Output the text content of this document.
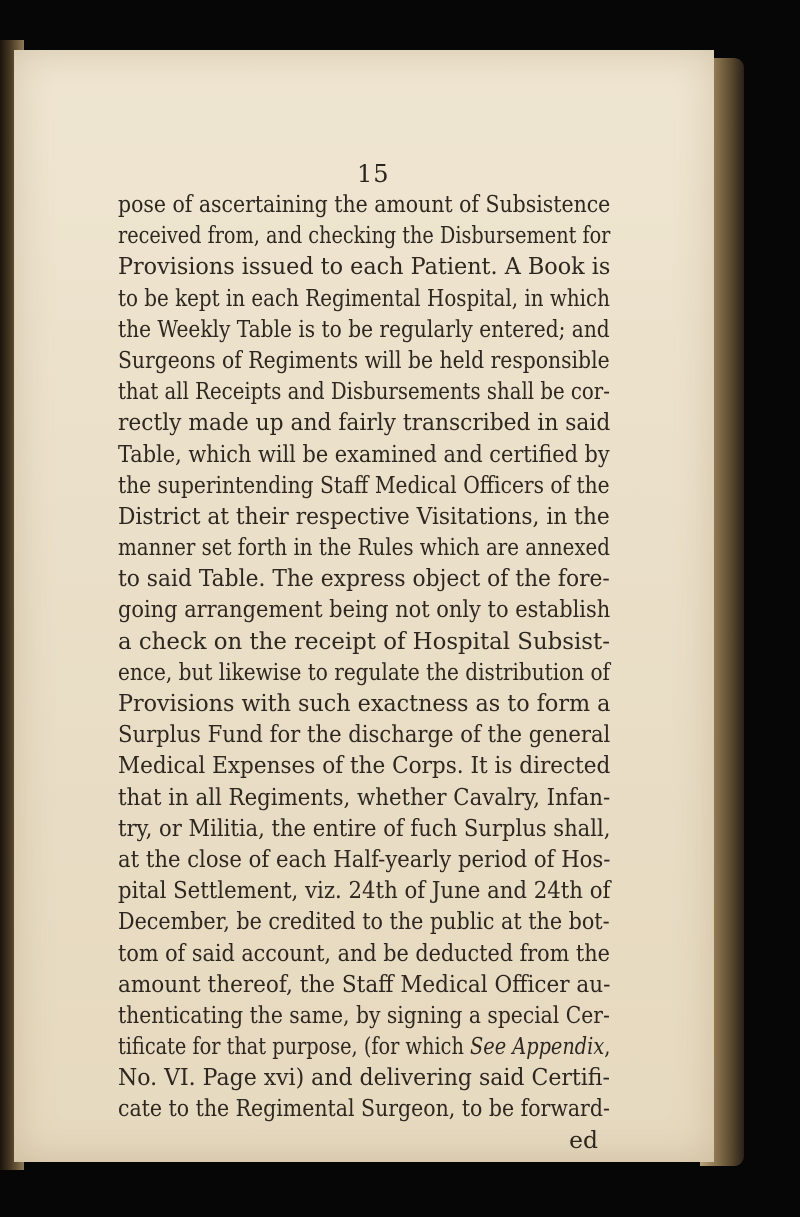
15
pose of ascertaining the amount of Subsistence
received from, and checking the Disbursement for
Provisions issued to each Patient. A Book is
to be kept in each Regimental Hospital, in which
the Weekly Table is to be regularly entered; and
Surgeons of Regiments will be held responsible
that all Receipts and Disbursements shall be cor-
rectly made up and fairly transcribed in said
Table, which will be examined and certified by
the superintending Staff Medical Officers of the
District at their respective Visitations, in the
manner set forth in the Rules which are annexed
to said Table. The express object of the fore-
going arrangement being not only to establish
a check on the receipt of Hospital Subsist-
ence, but likewise to regulate the distribution of
Provisions with such exactness as to form a
Surplus Fund for the discharge of the general
Medical Expenses of the Corps. It is directed
that in all Regiments, whether Cavalry, Infan-
try, or Militia, the entire of fuch Surplus shall,
at the close of each Half-yearly period of Hos-
pital Settlement, viz. 24th of June and 24th of
December, be credited to the public at the bot-
tom of said account, and be deducted from the
amount thereof, the Staff Medical Officer au-
thenticating the same, by signing a special Cer-
tificate for that purpose, (for which See Appendix,
No. VI. Page xvi) and delivering said Certifi-
cate to the Regimental Surgeon, to be forward-
ed
